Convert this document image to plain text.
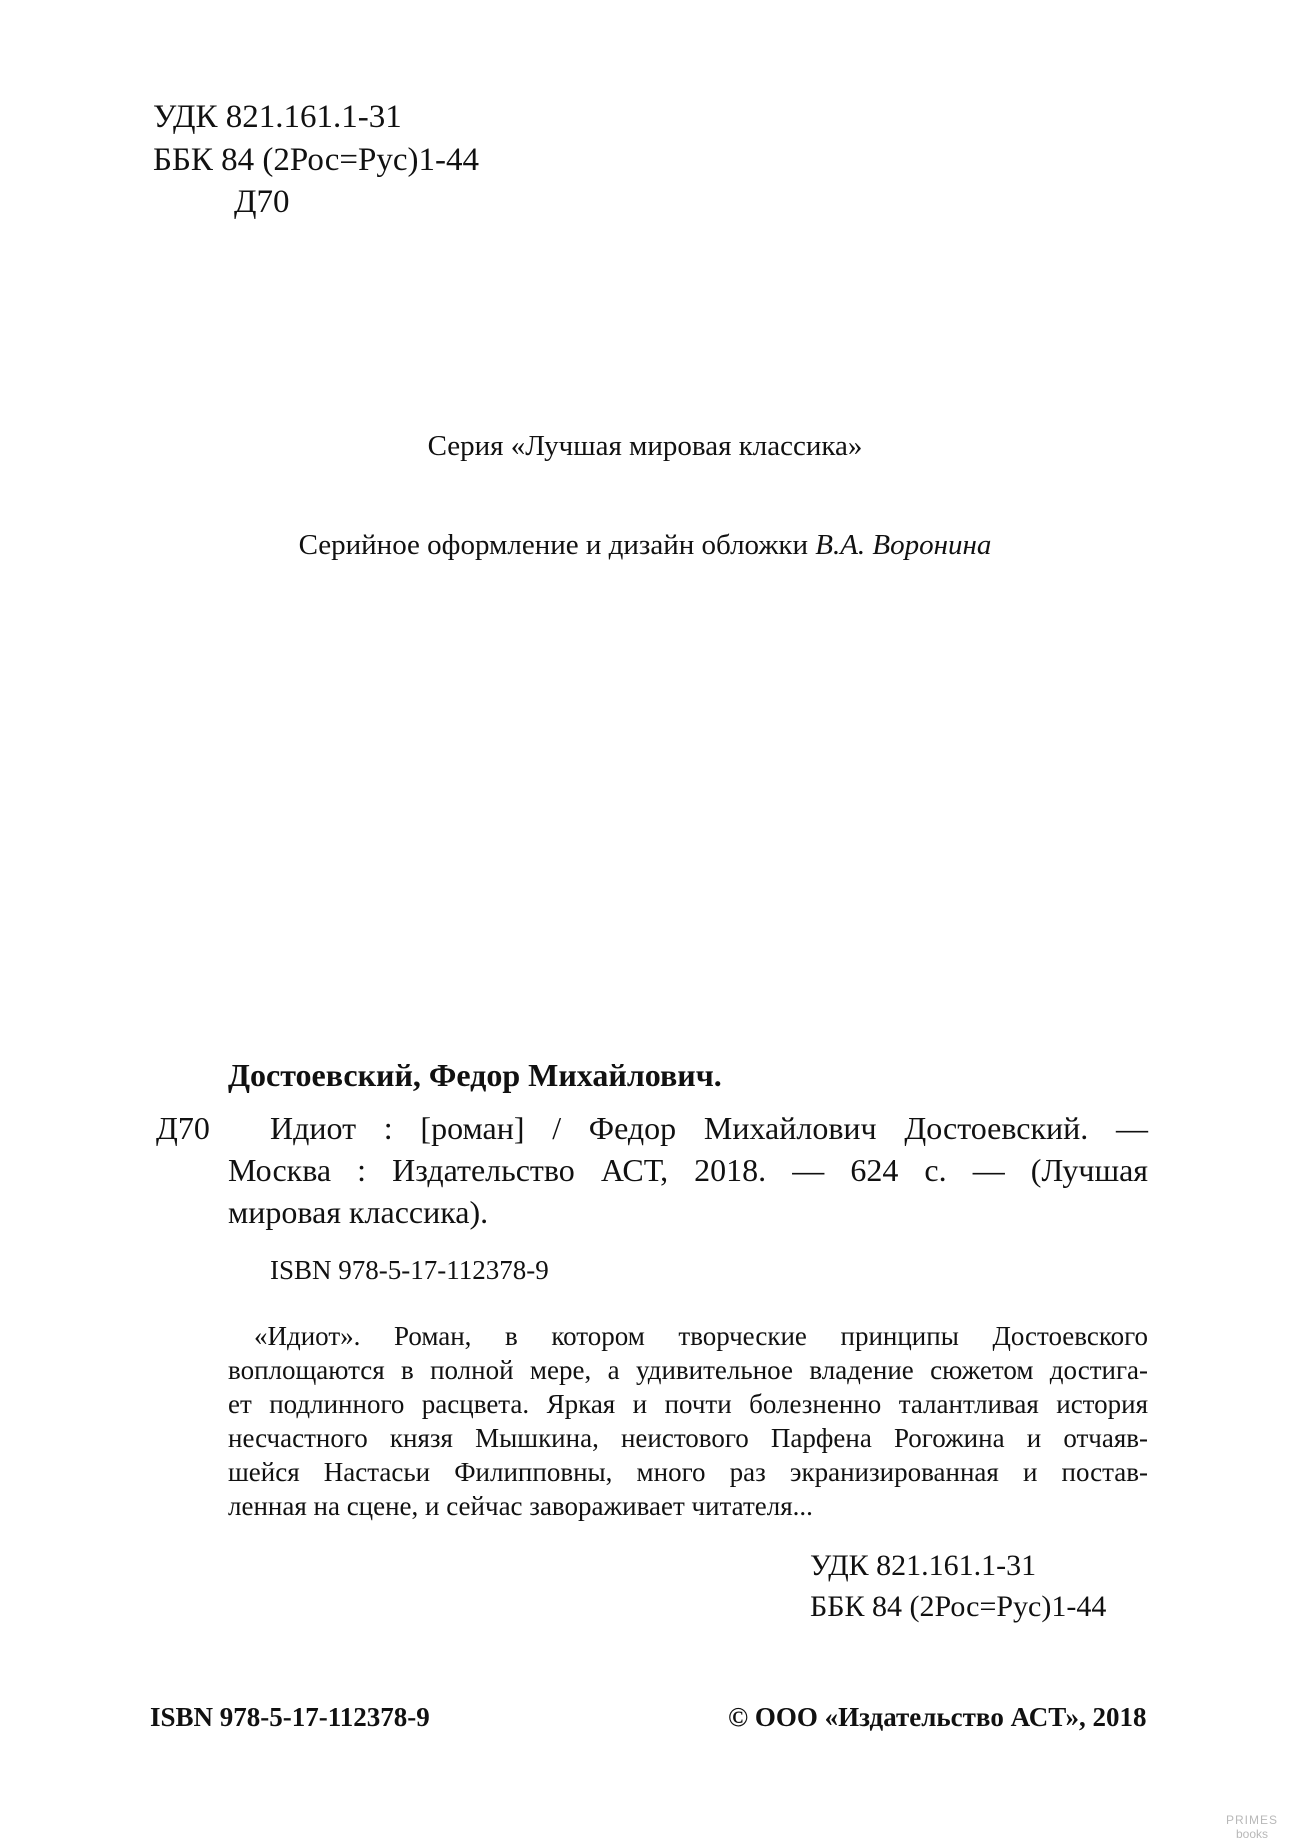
УДК 821.161.1-31
ББК 84 (2Рос=Рус)1-44
Д70
Серия «Лучшая мировая классика»
Серийное оформление и дизайн обложки В.А. Воронина
Достоевский, Федор Михайлович.
Д70 Идиот : [роман] / Федор Михайлович Достоевский. —
Москва : Издательство АСТ, 2018. — 624 с. — (Лучшая
мировая классика).
ISBN 978-5-17-112378-9
«Идиот». Роман, в котором творческие принципы Достоевского
воплощаются в полной мере, а удивительное владение сюжетом достига-
ет подлинного расцвета. Яркая и почти болезненно талантливая история
несчастного князя Мышкина, неистового Парфена Рогожина и отчаяв-
шейся Настасьи Филипповны, много раз экранизированная и постав-
ленная на сцене, и сейчас завораживает читателя...
УДК 821.161.1-31
ББК 84 (2Рос=Рус)1-44
ISBN 978-5-17-112378-9	© ООО «Издательство АСТ», 2018
PRIMES
books
